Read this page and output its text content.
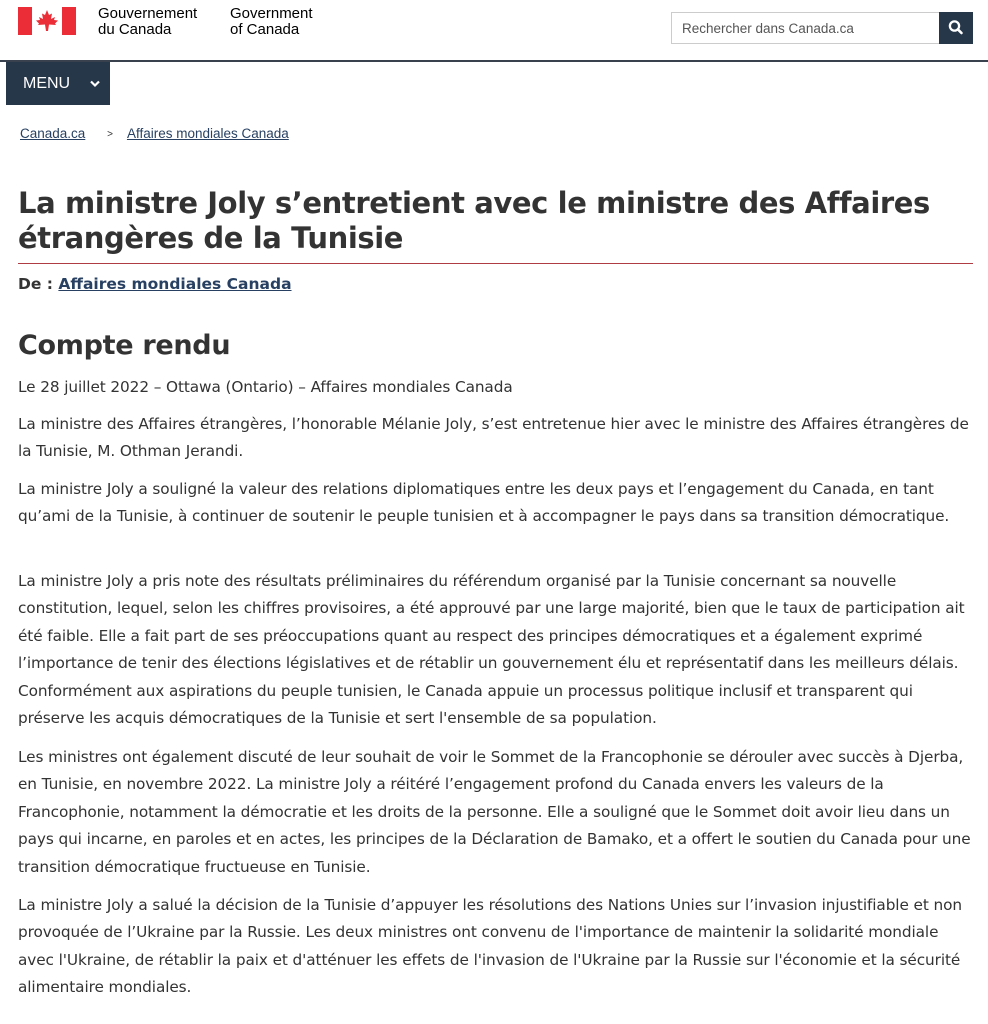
Gouvernement
du Canada
Government
of Canada
Rechercher dans Canada.ca
MENU
Canada.ca > Affaires mondiales Canada
La ministre Joly s’entretient avec le ministre des Affaires étrangères de la Tunisie
De : Affaires mondiales Canada
Compte rendu

Le 28 juillet 2022 – Ottawa (Ontario) – Affaires mondiales Canada

La ministre des Affaires étrangères, l’honorable Mélanie Joly, s’est entretenue hier avec le ministre des Affaires étrangères de la Tunisie, M. Othman Jerandi.

La ministre Joly a souligné la valeur des relations diplomatiques entre les deux pays et l’engagement du Canada, en tant qu’ami de la Tunisie, à continuer de soutenir le peuple tunisien et à accompagner le pays dans sa transition démocratique.

La ministre Joly a pris note des résultats préliminaires du référendum organisé par la Tunisie concernant sa nouvelle constitution, lequel, selon les chiffres provisoires, a été approuvé par une large majorité, bien que le taux de participation ait été faible. Elle a fait part de ses préoccupations quant au respect des principes démocratiques et a également exprimé l’importance de tenir des élections législatives et de rétablir un gouvernement élu et représentatif dans les meilleurs délais. Conformément aux aspirations du peuple tunisien, le Canada appuie un processus politique inclusif et transparent qui préserve les acquis démocratiques de la Tunisie et sert l'ensemble de sa population.

Les ministres ont également discuté de leur souhait de voir le Sommet de la Francophonie se dérouler avec succès à Djerba, en Tunisie, en novembre 2022. La ministre Joly a réitéré l’engagement profond du Canada envers les valeurs de la Francophonie, notamment la démocratie et les droits de la personne. Elle a souligné que le Sommet doit avoir lieu dans un pays qui incarne, en paroles et en actes, les principes de la Déclaration de Bamako, et a offert le soutien du Canada pour une transition démocratique fructueuse en Tunisie.

La ministre Joly a salué la décision de la Tunisie d’appuyer les résolutions des Nations Unies sur l’invasion injustifiable et non provoquée de l’Ukraine par la Russie. Les deux ministres ont convenu de l'importance de maintenir la solidarité mondiale avec l'Ukraine, de rétablir la paix et d'atténuer les effets de l'invasion de l'Ukraine par la Russie sur l'économie et la sécurité alimentaire mondiales.
